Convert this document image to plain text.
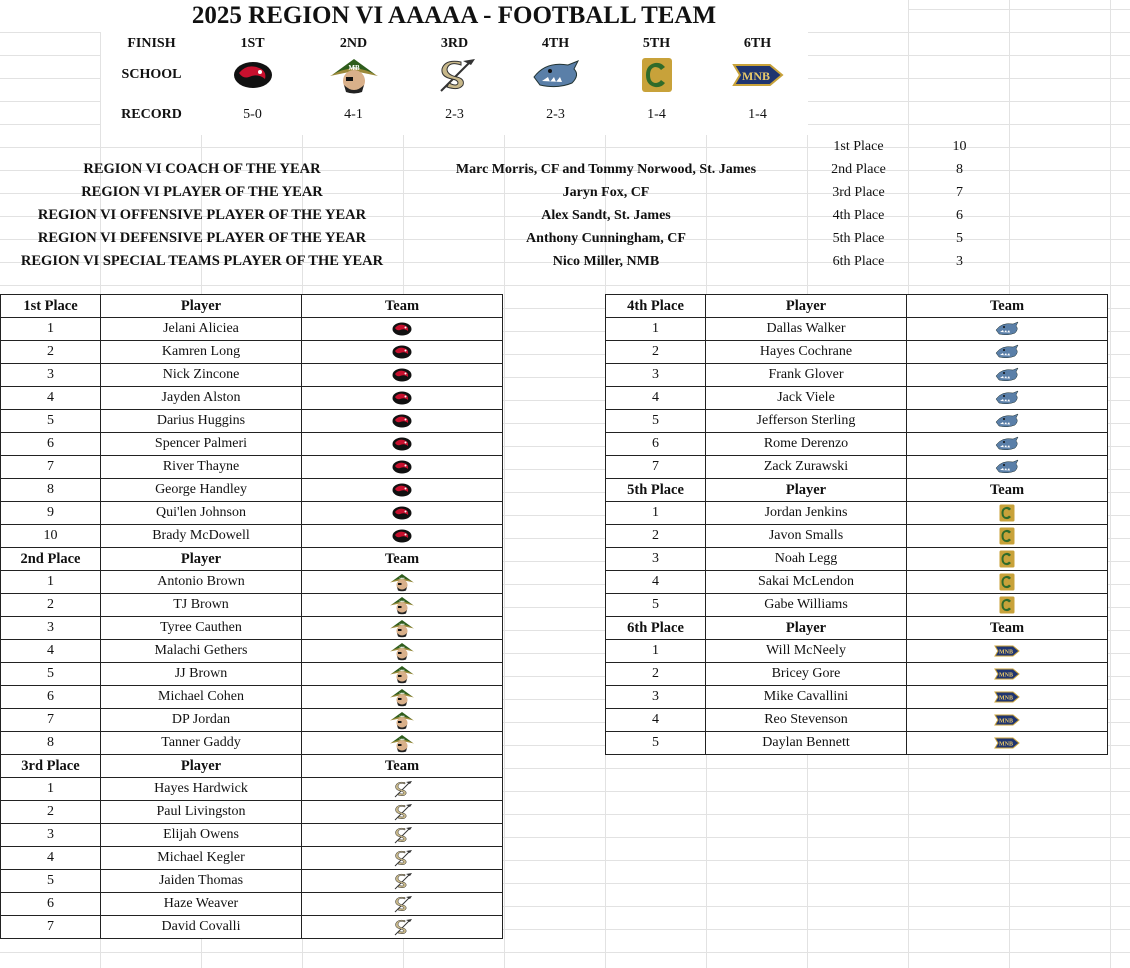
2025 REGION VI AAAAA - FOOTBALL TEAM
FINISH	1ST	2ND	3RD	4TH	5TH	6TH
SCHOOL	MB
MNB
RECORD	5-0	4-1	2-3	2-3	1-4	1-4
1st Place	10
2nd Place	8
3rd Place	7
4th Place	6
5th Place	5
6th Place	3
REGION VI COACH OF THE YEAR	Marc Morris, CF and Tommy Norwood, St. James
REGION VI PLAYER OF THE YEAR	Jaryn Fox, CF
REGION VI OFFENSIVE PLAYER OF THE YEAR	Alex Sandt, St. James
REGION VI DEFENSIVE PLAYER OF THE YEAR	Anthony Cunningham, CF
REGION VI SPECIAL TEAMS PLAYER OF THE YEAR	Nico Miller, NMB
1st Place	Player	Team
1	Jelani Aliciea	
2	Kamren Long	
3	Nick Zincone	
4	Jayden Alston	
5	Darius Huggins	
6	Spencer Palmeri	
7	River Thayne	
8	George Handley	
9	Qui'len Johnson	
10	Brady McDowell	
2nd Place	Player	Team
1	Antonio Brown	MB

2	TJ Brown	MB

3	Tyree Cauthen	MB

4	Malachi Gethers	MB

5	JJ Brown	MB

6	Michael Cohen	MB

7	DP Jordan	MB

8	Tanner Gaddy	MB

3rd Place	Player	Team
1	Hayes Hardwick	
2	Paul Livingston	
3	Elijah Owens	
4	Michael Kegler	
5	Jaiden Thomas	
6	Haze Weaver	
7	David Covalli	
4th Place	Player	Team
1	Dallas Walker	
2	Hayes Cochrane	
3	Frank Glover	
4	Jack Viele	
5	Jefferson Sterling	
6	Rome Derenzo	
7	Zack Zurawski	
5th Place	Player	Team
1	Jordan Jenkins	
2	Javon Smalls	
3	Noah Legg	
4	Sakai McLendon	
5	Gabe Williams	
6th Place	Player	Team
1	Will McNeely	MNB

2	Bricey Gore	MNB

3	Mike Cavallini	MNB

4	Reo Stevenson	MNB

5	Daylan Bennett	MNB
